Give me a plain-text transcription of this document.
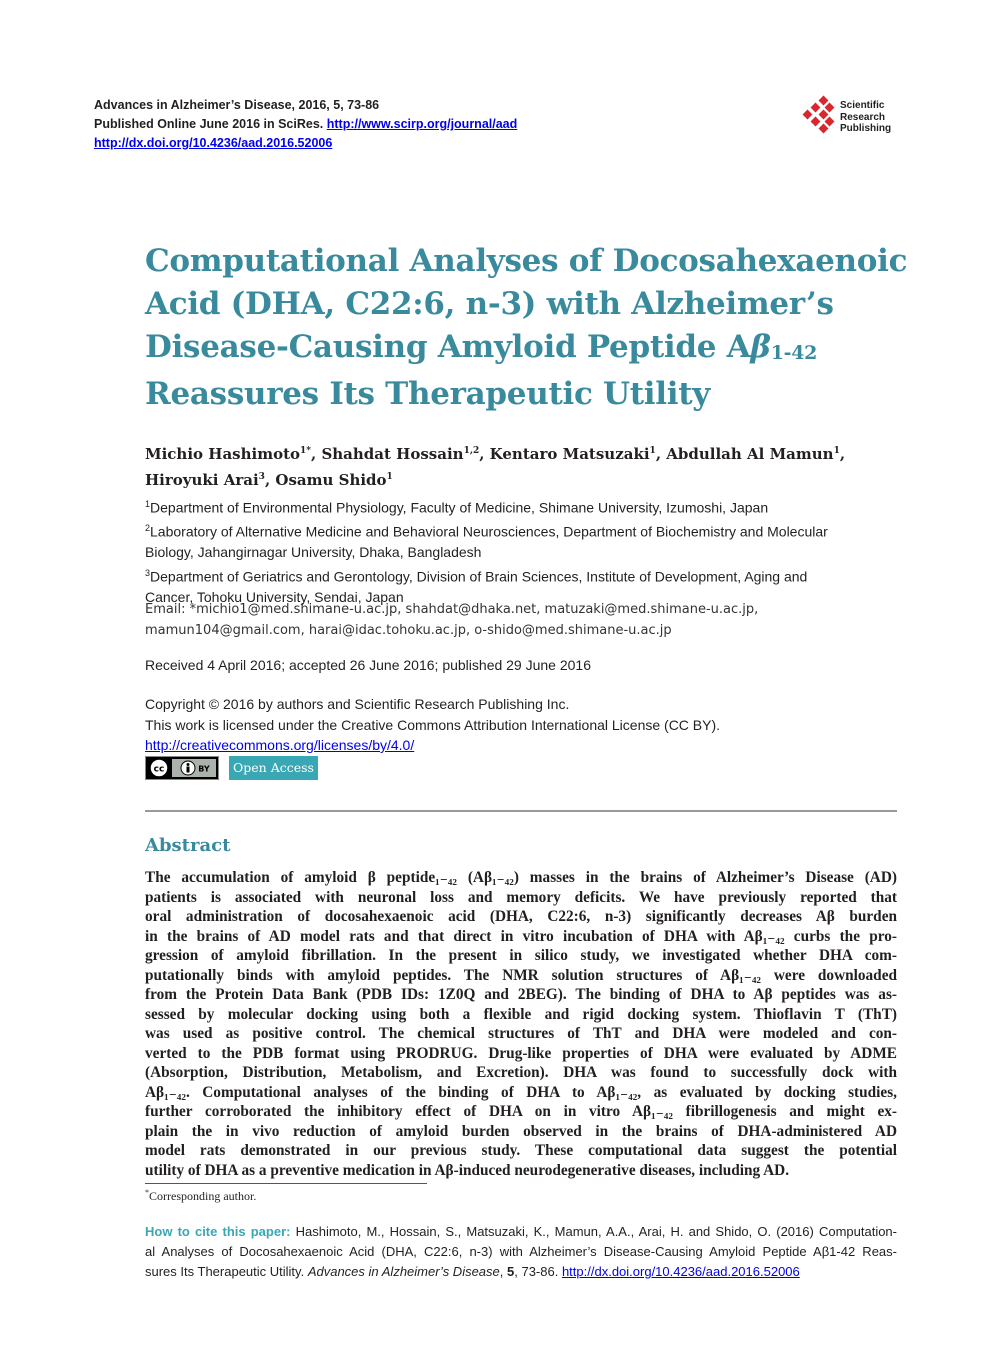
Advances in Alzheimer’s Disease, 2016, 5, 73-86
Published Online June 2016 in SciRes. http://www.scirp.org/journal/aad
http://dx.doi.org/10.4236/aad.2016.52006
Scientific
Research
Publishing
Computational Analyses of Docosahexaenoic
Acid (DHA, C22:6, n-3) with Alzheimer’s
Disease-Causing Amyloid Peptide $A\beta_{1-42}$
Reassures Its Therapeutic Utility
Michio Hashimoto$^{1*}$, Shahdat Hossain$^{1,2}$, Kentaro Matsuzaki$^1$, Abdullah Al Mamun$^1$,
Hiroyuki Arai$^3$, Osamu Shido$^1$
$^1$Department of Environmental Physiology, Faculty of Medicine, Shimane University, Izumoshi, Japan
$^2$Laboratory of Alternative Medicine and Behavioral Neurosciences, Department of Biochemistry and Molecular
Biology, Jahangirnagar University, Dhaka, Bangladesh
$^3$Department of Geriatrics and Gerontology, Division of Brain Sciences, Institute of Development, Aging and
Cancer, Tohoku University, Sendai, Japan
Email: *michio1@med.shimane-u.ac.jp, shahdat@dhaka.net, matuzaki@med.shimane-u.ac.jp,
mamun104@gmail.com, harai@idac.tohoku.ac.jp, o-shido@med.shimane-u.ac.jp
Received 4 April 2016; accepted 26 June 2016; published 29 June 2016
Copyright © 2016 by authors and Scientific Research Publishing Inc.
This work is licensed under the Creative Commons Attribution International License (CC BY).
http://creativecommons.org/licenses/by/4.0/
cc	BY	Open Access
Abstract
The accumulation of amyloid β peptide₁₋₄₂ (Aβ₁₋₄₂) masses in the brains of Alzheimer’s Disease (AD)
patients is associated with neuronal loss and memory deficits. We have previously reported that
oral administration of docosahexaenoic acid (DHA, C22:6, n-3) significantly decreases Aβ burden
in the brains of AD model rats and that direct in vitro incubation of DHA with Aβ₁₋₄₂ curbs the pro-
gression of amyloid fibrillation. In the present in silico study, we investigated whether DHA com-
putationally binds with amyloid peptides. The NMR solution structures of Aβ₁₋₄₂ were downloaded
from the Protein Data Bank (PDB IDs: 1Z0Q and 2BEG). The binding of DHA to Aβ peptides was as-
sessed by molecular docking using both a flexible and rigid docking system. Thioflavin T (ThT)
was used as positive control. The chemical structures of ThT and DHA were modeled and con-
verted to the PDB format using PRODRUG. Drug-like properties of DHA were evaluated by ADME
(Absorption, Distribution, Metabolism, and Excretion). DHA was found to successfully dock with
Aβ₁₋₄₂. Computational analyses of the binding of DHA to Aβ₁₋₄₂, as evaluated by docking studies,
further corroborated the inhibitory effect of DHA on in vitro Aβ₁₋₄₂ fibrillogenesis and might ex-
plain the in vivo reduction of amyloid burden observed in the brains of DHA-administered AD
model rats demonstrated in our previous study. These computational data suggest the potential
utility of DHA as a preventive medication in Aβ-induced neurodegenerative diseases, including AD.
*Corresponding author.
How to cite this paper: Hashimoto, M., Hossain, S., Matsuzaki, K., Mamun, A.A., Arai, H. and Shido, O. (2016) Computation-
al Analyses of Docosahexaenoic Acid (DHA, C22:6, n-3) with Alzheimer’s Disease-Causing Amyloid Peptide Aβ1-42 Reas-
sures Its Therapeutic Utility. Advances in Alzheimer’s Disease, 5, 73-86. http://dx.doi.org/10.4236/aad.2016.52006
